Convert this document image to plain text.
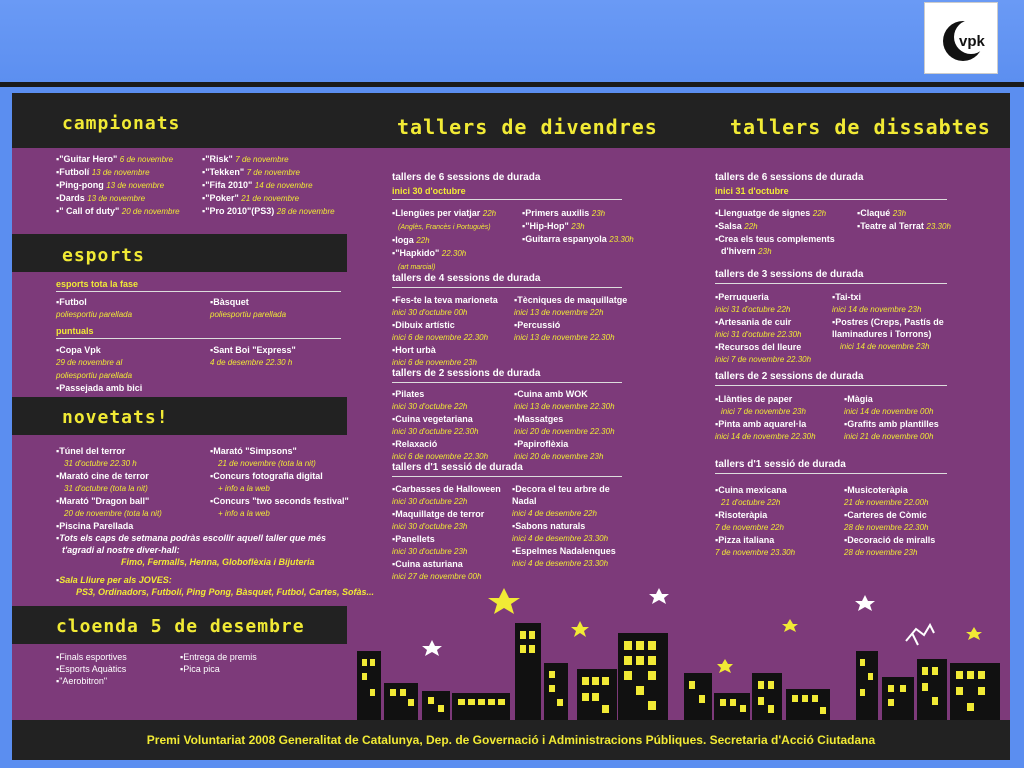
vpk
campionats	tallers de divendres	tallers de dissabtes
▪"Guitar Hero" 6 de novembre
▪Futbolí 13 de novembre
▪Ping-pong 13 de novembre
▪Dards 13 de novembre
▪" Call of duty" 20 de novembre
▪"Risk" 7 de novembre
▪"Tekken" 7 de novembre
▪"Fifa 2010" 14 de novembre
▪"Poker" 21 de novembre
▪"Pro 2010"(PS3) 28 de novembre
esports
esports tota la fase
▪Futbol
poliesportiu parellada
▪Bàsquet
poliesportiu parellada
puntuals
▪Copa Vpk
29 de novembre al
poliesportiu parellada
▪Passejada amb bici

▪Sant Boi "Express"
4 de desembre 22.30 h
novetats!
▪Túnel del terror
31 d'octubre 22.30 h
▪Marató cine de terror
31 d'octubre (tota la nit)
▪Marató "Dragon ball"
20 de novembre (tota la nit)
▪Piscina Parellada
▪Marató "Simpsons"
21 de novembre (tota la nit)
▪Concurs fotografia digital
+ info a la web
▪Concurs "two seconds festival"
+ info a la web
▪Tots els caps de setmana podràs escollir aquell taller que més
t'agradi al nostre diver-hall:
Fimo, Fermalls, Henna, Globoflèxia i Bijuteria
▪Sala Lliure per als JOVES:
PS3, Ordinadors, Futbolí, Ping Pong, Bàsquet, Futbol, Cartes, Sofàs...
cloenda 5 de desembre
▪Finals esportives
▪Esports Aquàtics
▪"Aerobitron"
▪Entrega de premis
▪Pica pica
tallers de 6 sessions de durada
inici 30 d'octubre
▪Llengües per viatjar 22h
(Anglès, Francès i Portuguès)
▪Ioga 22h
▪"Hapkido" 22.30h
(art marcial)
▪Primers auxilis 23h
▪"Hip-Hop" 23h
▪Guitarra espanyola 23.30h
tallers de 4 sessions de durada
▪Fes-te la teva marioneta
inici 30 d'octubre 00h
▪Dibuix artístic
inici 6 de novembre 22.30h
▪Hort urbà
inici 6 de novembre 23h
▪Tècniques de maquillatge
inici 13 de novembre 22h
▪Percussió
inici 13 de novembre 22.30h
tallers de 2 sessions de durada
▪Pilates
inici 30 d'octubre 22h
▪Cuina vegetariana
inici 30 d'octubre 22.30h
▪Relaxació
inici 6 de novembre 22.30h
▪Cuina amb WOK
inici 13 de novembre 22.30h
▪Massatges
inici 20 de novembre 22.30h
▪Papiroflèxia
inici 20 de novembre 23h
tallers d'1 sessió de durada
▪Carbasses de Halloween
inici 30 d'octubre 22h
▪Maquillatge de terror
inici 30 d'octubre 23h
▪Panellets
inici 30 d'octubre 23h
▪Cuina asturiana
inici 27 de novembre 00h
▪Decora el teu arbre de
Nadal
inici 4 de desembre 22h
▪Sabons naturals
inici 4 de desembre 23.30h
▪Espelmes Nadalenques
inici 4 de desembre 23.30h
tallers de 6 sessions de durada
inici 31 d'octubre
▪Llenguatge de signes 22h
▪Salsa 22h
▪Crea els teus complements
d'hivern 23h
▪Claqué 23h
▪Teatre al Terrat 23.30h
tallers de 3 sessions de durada
▪Perruqueria
inici 31 d'octubre 22h
▪Artesania de cuir
inici 31 d'octubre 22.30h
▪Recursos del lleure
inici 7 de novembre 22.30h
▪Tai-txi
inici 14 de novembre 23h
▪Postres (Creps, Pastís de
llaminadures i Torrons)
inici 14 de novembre 23h
tallers de 2 sessions de durada
▪Llànties de paper
inici 7 de novembre 23h
▪Pinta amb aquarel·la
inici 14 de novembre 22.30h
▪Màgia
inici 14 de novembre 00h
▪Grafits amb plantilles
inici 21 de novembre 00h
tallers d'1 sessió de durada
▪Cuina mexicana
21 d'octubre 22h
▪Risoteràpia
7 de novembre 22h
▪Pizza italiana
7 de novembre 23.30h
▪Musicoteràpia
21 de novembre 22.00h
▪Carteres de Còmic
28 de novembre 22.30h
▪Decoració de miralls
28 de novembre 23h
Premi Voluntariat 2008 Generalitat de Catalunya, Dep. de Governació i Administracions Públiques. Secretaria d'Acció Ciutadana
